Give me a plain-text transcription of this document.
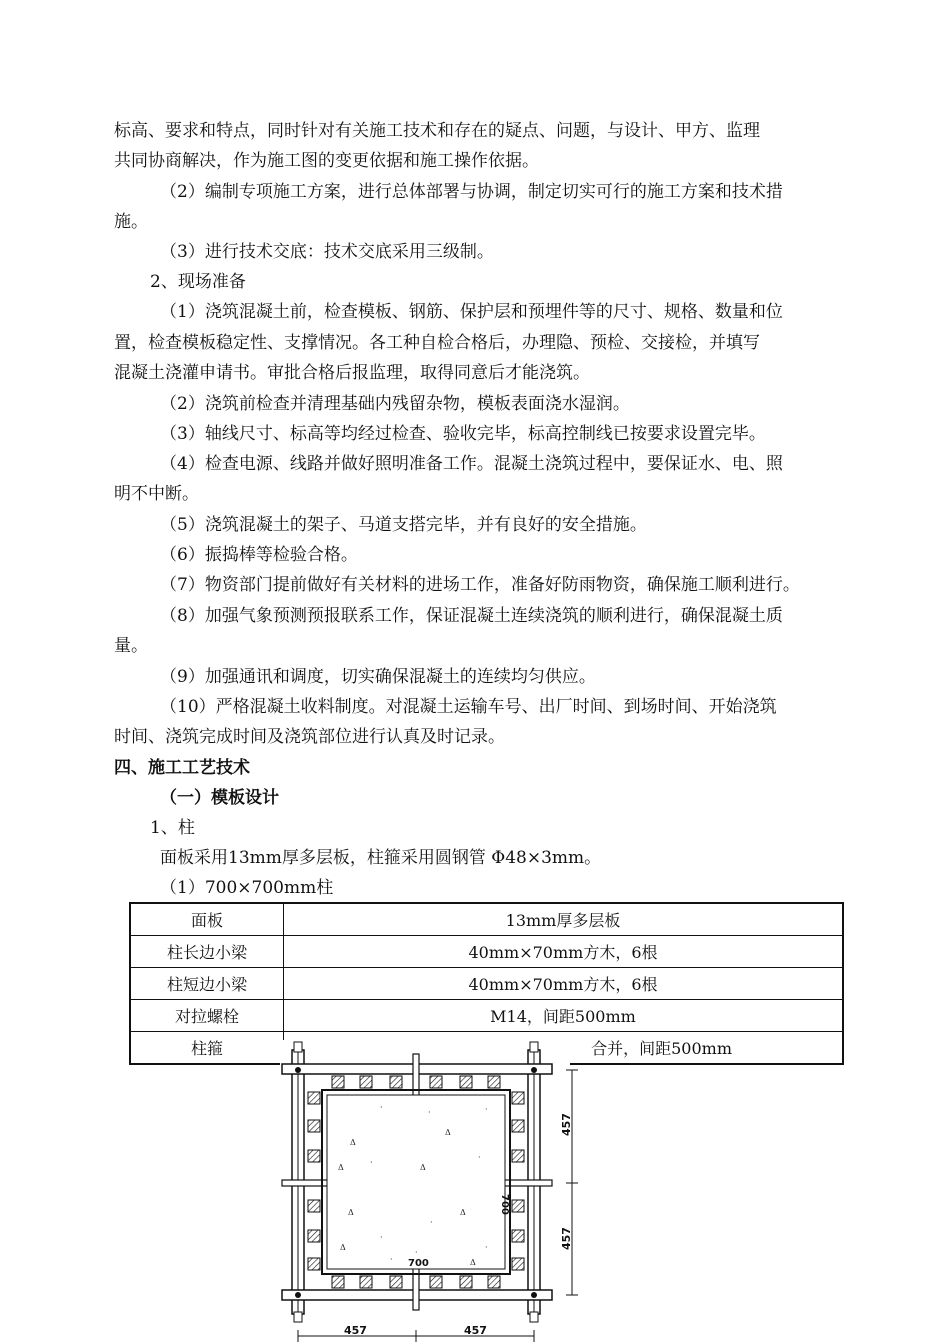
标高、要求和特点，同时针对有关施工技术和存在的疑点、问题，与设计、甲方、监理
共同协商解决，作为施工图的变更依据和施工操作依据。
（2）编制专项施工方案，进行总体部署与协调，制定切实可行的施工方案和技术措
施。
（3）进行技术交底：技术交底采用三级制。
2、现场准备
（1）浇筑混凝土前，检查模板、钢筋、保护层和预埋件等的尺寸、规格、数量和位
置，检查模板稳定性、支撑情况。各工种自检合格后，办理隐、预检、交接检，并填写
混凝土浇灌申请书。审批合格后报监理，取得同意后才能浇筑。
（2）浇筑前检查并清理基础内残留杂物，模板表面浇水湿润。
（3）轴线尺寸、标高等均经过检查、验收完毕，标高控制线已按要求设置完毕。
（4）检查电源、线路并做好照明准备工作。混凝土浇筑过程中，要保证水、电、照
明不中断。
（5）浇筑混凝土的架子、马道支搭完毕，并有良好的安全措施。
（6）振捣棒等检验合格。
（7）物资部门提前做好有关材料的进场工作，准备好防雨物资，确保施工顺利进行。
（8）加强气象预测预报联系工作，保证混凝土连续浇筑的顺利进行，确保混凝土质
量。
（9）加强通讯和调度，切实确保混凝土的连续均匀供应。
（10）严格混凝土收料制度。对混凝土运输车号、出厂时间、到场时间、开始浇筑
时间、浇筑完成时间及浇筑部位进行认真及时记录。
四、施工工艺技术
（一）模板设计
1、柱
面板采用13mm厚多层板，柱箍采用圆钢管 Φ48×3mm。
（1）700×700mm柱
面板	13mm厚多层板
柱长边小梁	40mm×70mm方木，6根
柱短边小梁	40mm×70mm方木，6根
对拉螺栓	M14，间距500mm
柱箍	合并，间距500mm
·
Δ
Δ
·
·	·
Δ
·
Δ
Δ
Δ
·
·
Δ
·
·
Δ
·
457
457
457	457
700
700
